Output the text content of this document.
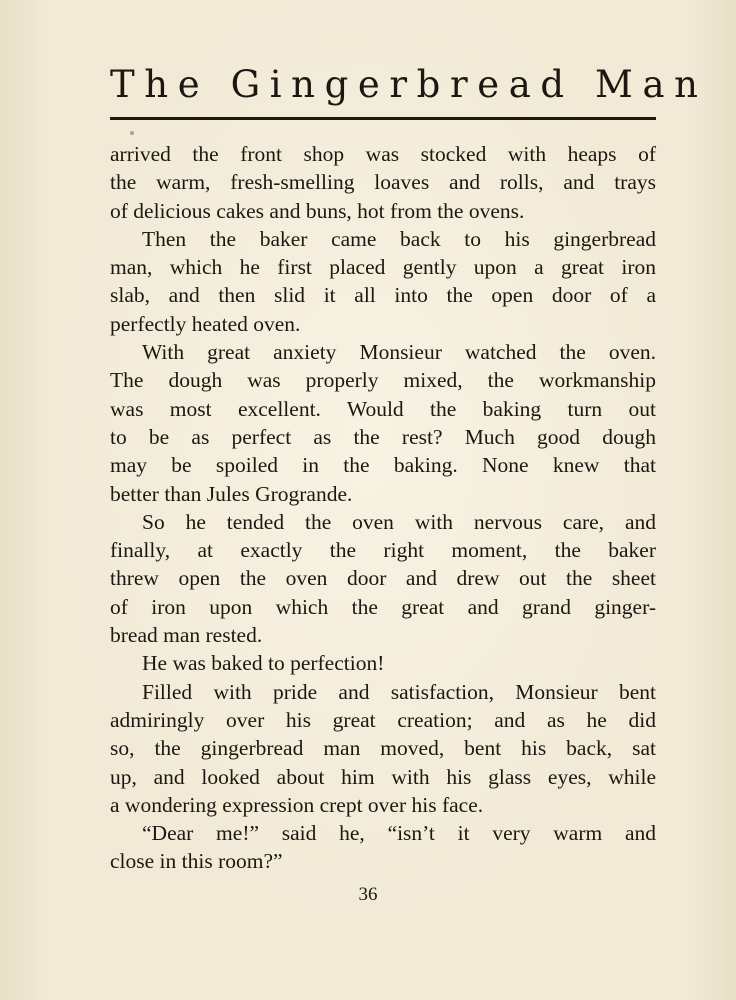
The Gingerbread Man
arrived the front shop was stocked with heaps of
the warm, fresh-smelling loaves and rolls, and trays
of delicious cakes and buns, hot from the ovens.
Then the baker came back to his gingerbread
man, which he first placed gently upon a great iron
slab, and then slid it all into the open door of a
perfectly heated oven.
With great anxiety Monsieur watched the oven.
The dough was properly mixed, the workmanship
was most excellent. Would the baking turn out
to be as perfect as the rest? Much good dough
may be spoiled in the baking. None knew that
better than Jules Grogrande.
So he tended the oven with nervous care, and
finally, at exactly the right moment, the baker
threw open the oven door and drew out the sheet
of iron upon which the great and grand ginger-
bread man rested.
He was baked to perfection!
Filled with pride and satisfaction, Monsieur bent
admiringly over his great creation; and as he did
so, the gingerbread man moved, bent his back, sat
up, and looked about him with his glass eyes, while
a wondering expression crept over his face.
“Dear me!” said he, “isn’t it very warm and
close in this room?”
36
